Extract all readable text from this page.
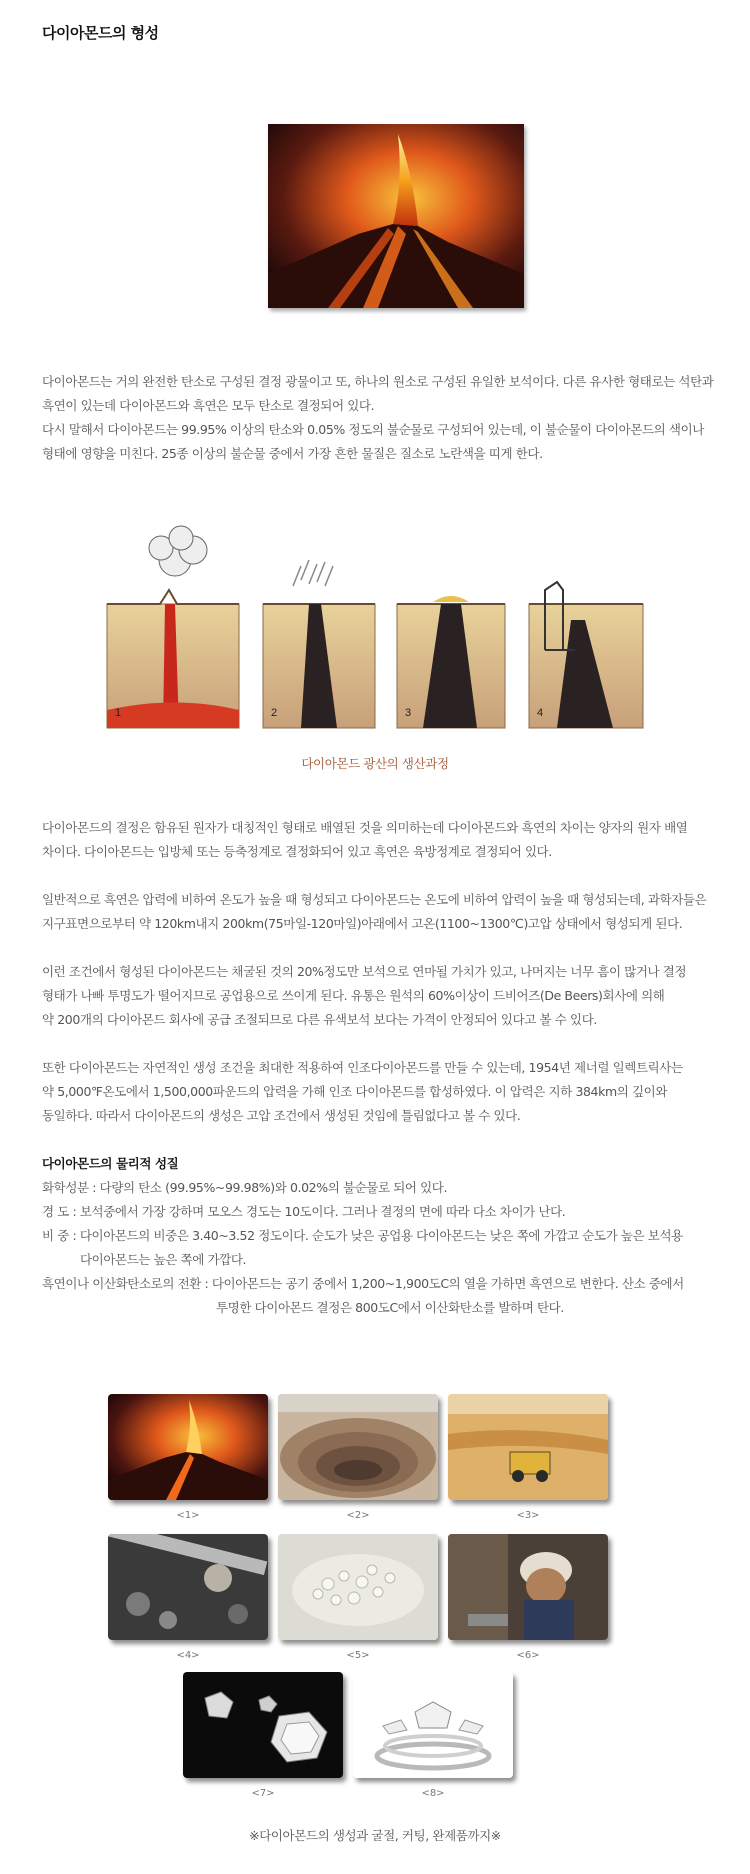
다이아몬드의 형성

다이아몬드는 거의 완전한 탄소로 구성된 결정 광물이고 또, 하나의 원소로 구성된 유일한 보석이다. 다른 유사한 형태로는 석탄과

흑연이 있는데 다이아몬드와 흑연은 모두 탄소로 결정되어 있다.

다시 말해서 다이아몬드는 99.95% 이상의 탄소와 0.05% 정도의 불순물로 구성되어 있는데, 이 불순물이 다이아몬드의 색이나

형태에 영향을 미친다. 25종 이상의 불순물 중에서 가장 흔한 물질은 질소로 노란색을 띠게 한다.

1	2	3	4
다이아몬드 광산의 생산과정

다이아몬드의 결정은 함유된 원자가 대칭적인 형태로 배열된 것을 의미하는데 다이아몬드와 흑연의 차이는 양자의 원자 배열

차이다. 다이아몬드는 입방체 또는 등축정계로 결정화되어 있고 흑연은 육방정계로 결정되어 있다.

일반적으로 흑연은 압력에 비하여 온도가 높을 때 형성되고 다이아몬드는 온도에 비하여 압력이 높을 때 형성되는데, 과학자들은

지구표면으로부터 약 120km내지 200km(75마일-120마일)아래에서 고온(1100~1300℃)고압 상태에서 형성되게 된다.

이런 조건에서 형성된 다이아몬드는 채굴된 것의 20%정도만 보석으로 연마될 가치가 있고, 나머지는 너무 흠이 많거나 결정

형태가 나빠 투명도가 떨어지므로 공업용으로 쓰이게 된다. 유통은 원석의 60%이상이 드비어즈(De Beers)회사에 의해

약 200개의 다이아몬드 회사에 공급 조절되므로 다른 유색보석 보다는 가격이 안정되어 있다고 볼 수 있다.

또한 다이아몬드는 자연적인 생성 조건을 최대한 적용하여 인조다이아몬드를 만들 수 있는데, 1954년 제너럴 일렉트릭사는

약 5,000℉온도에서 1,500,000파운드의 압력을 가해 인조 다이아몬드를 합성하였다. 이 압력은 지하 384km의 깊이와

동일하다. 따라서 다이아몬드의 생성은 고압 조건에서 생성된 것임에 틀림없다고 볼 수 있다.

다이아몬드의 물리적 성질

화학성분 : 다량의 탄소 (99.95%~99.98%)와 0.02%의 불순물로 되어 있다.

경 도 : 보석중에서 가장 강하며 모오스 경도는 10도이다. 그러나 결정의 면에 따라 다소 차이가 난다.

비 중 : 다이아몬드의 비중은 3.40~3.52 정도이다. 순도가 낮은 공업용 다이아몬드는 낮은 쪽에 가깝고 순도가 높은 보석용

다이아몬드는 높은 쪽에 가깝다.

흑연이나 이산화탄소로의 전환 : 다이아몬드는 공기 중에서 1,200~1,900도C의 열을 가하면 흑연으로 변한다. 산소 중에서

투명한 다이아몬드 결정은 800도C에서 이산화탄소를 발하며 탄다.

<1>	<2>	<3>
<4>	<5>	<6>
<7>	<8>
※다이아몬드의 생성과 굴절, 커팅, 완제품까지※
